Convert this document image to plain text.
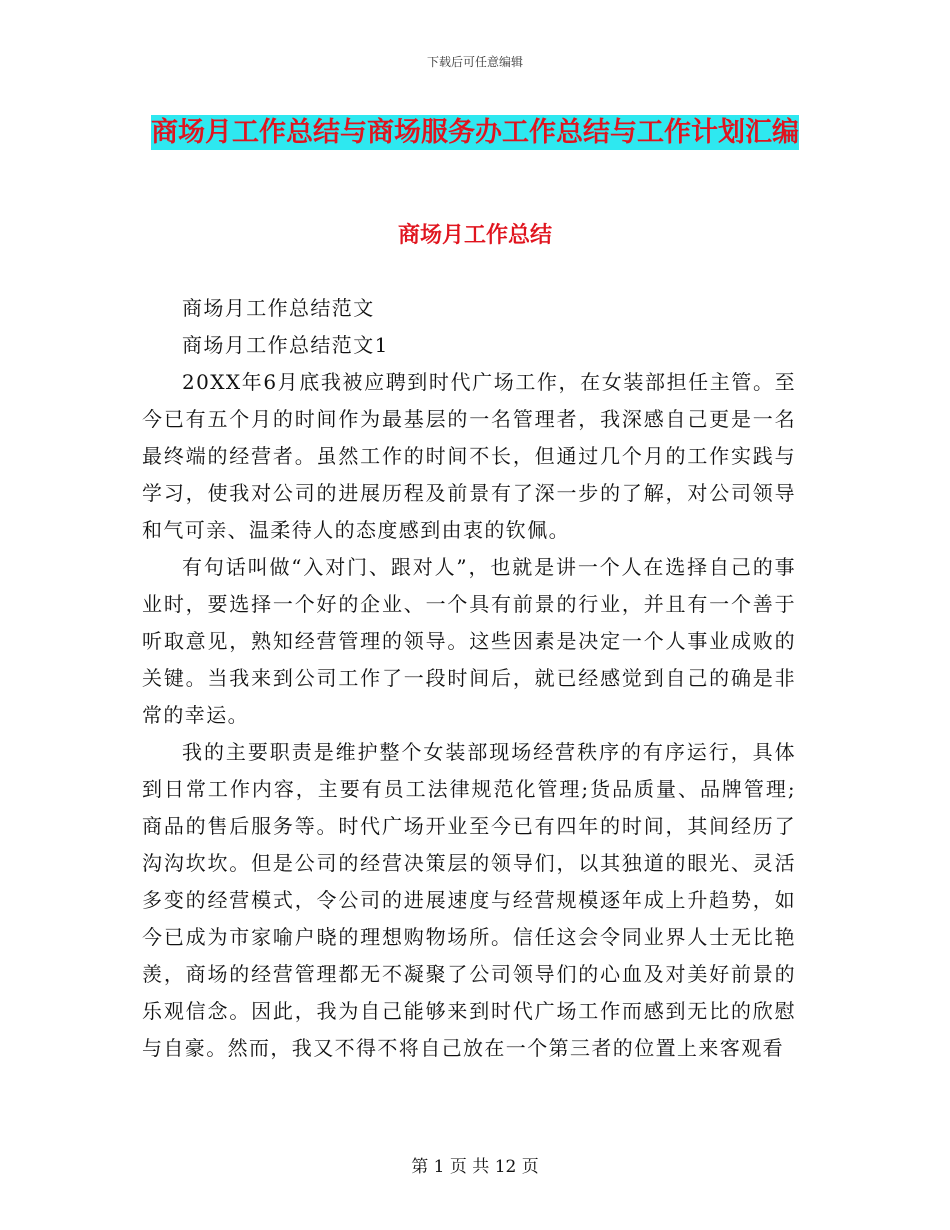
下载后可任意编辑
商场月工作总结与商场服务办工作总结与工作计划汇编
商场月工作总结

商场月工作总结范文

商场月工作总结范文1

20XX年6月底我被应聘到时代广场工作，在女装部担任主管。至今已有五个月的时间作为最基层的一名管理者，我深感自己更是一名最终端的经营者。虽然工作的时间不长，但通过几个月的工作实践与学习，使我对公司的进展历程及前景有了深一步的了解，对公司领导和气可亲、温柔待人的态度感到由衷的钦佩。

有句话叫做“入对门、跟对人”，也就是讲一个人在选择自己的事业时，要选择一个好的企业、一个具有前景的行业，并且有一个善于听取意见，熟知经营管理的领导。这些因素是决定一个人事业成败的关键。当我来到公司工作了一段时间后，就已经感觉到自己的确是非常的幸运。

我的主要职责是维护整个女装部现场经营秩序的有序运行，具体到日常工作内容，主要有员工法律规范化管理;货品质量、品牌管理;商品的售后服务等。时代广场开业至今已有四年的时间，其间经历了沟沟坎坎。但是公司的经营决策层的领导们，以其独道的眼光、灵活多变的经营模式，令公司的进展速度与经营规模逐年成上升趋势，如今已成为市家喻户晓的理想购物场所。信任这会令同业界人士无比艳羡，商场的经营管理都无不凝聚了公司领导们的心血及对美好前景的乐观信念。因此，我为自己能够来到时代广场工作而感到无比的欣慰与自豪。然而，我又不得不将自己放在一个第三者的位置上来客观看

第 1 页 共 12 页
